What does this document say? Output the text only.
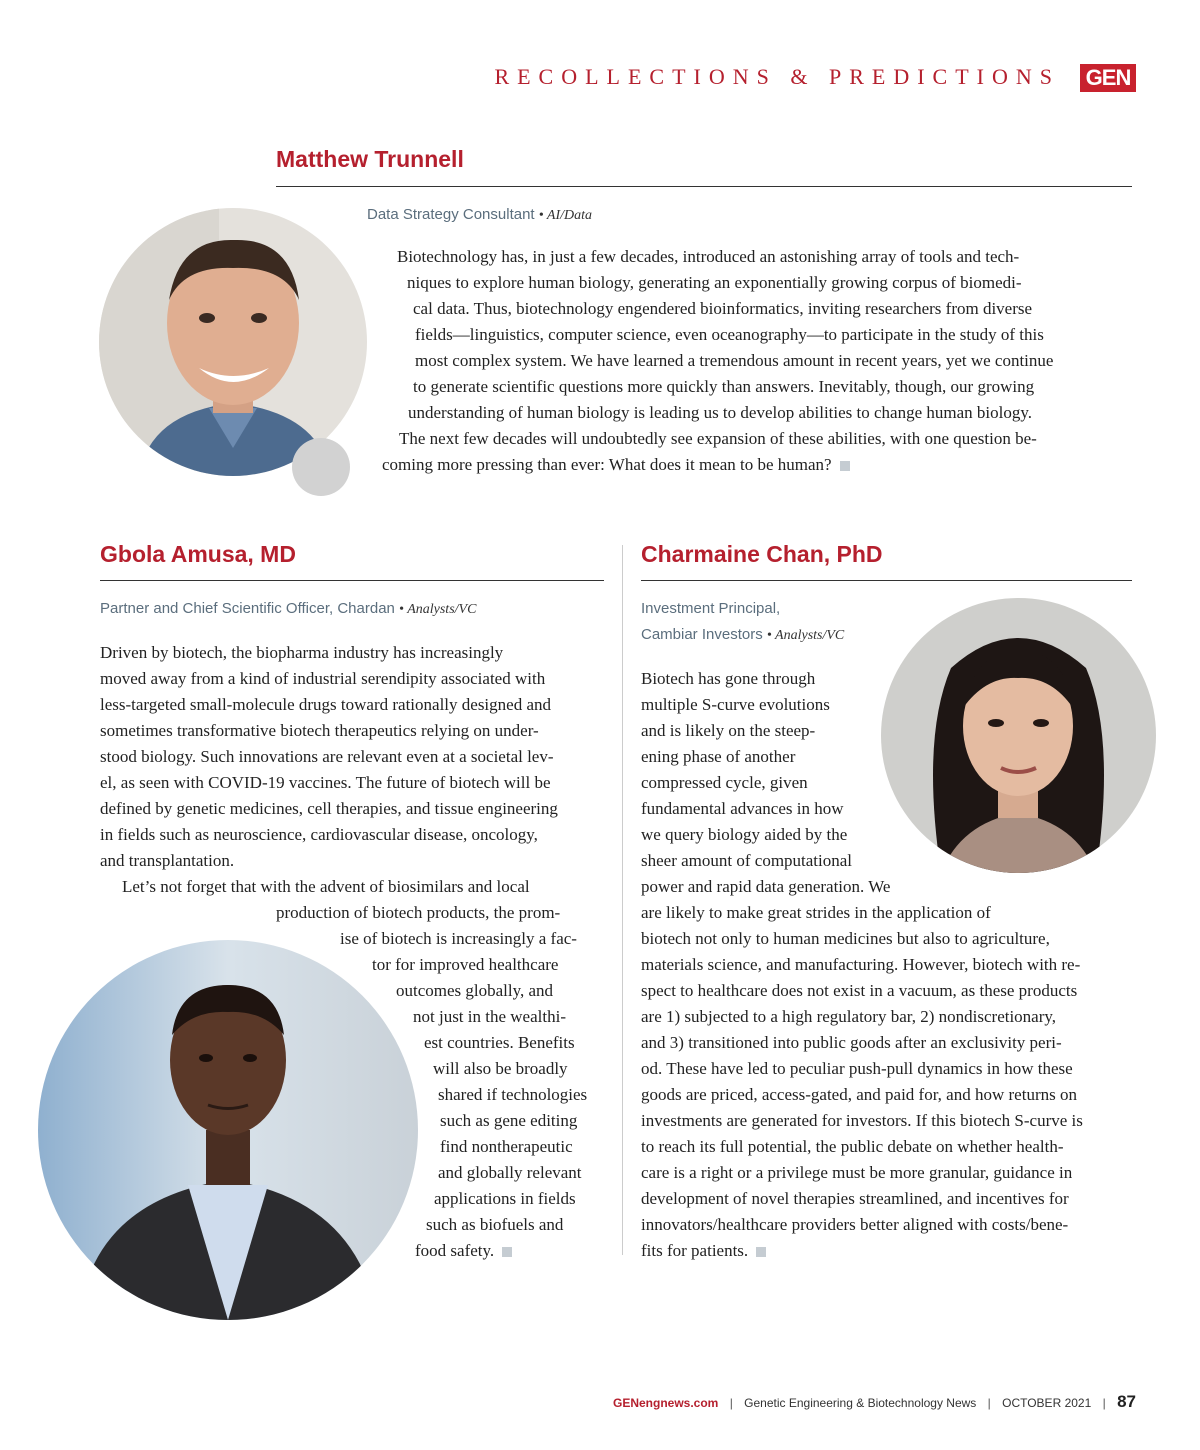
RECOLLECTIONS & PREDICTIONS GEN
Matthew Trunnell
Data Strategy Consultant • AI/Data
Biotechnology has, in just a few decades, introduced an astonishing array of tools and tech-
niques to explore human biology, generating an exponentially growing corpus of biomedi-
cal data. Thus, biotechnology engendered bioinformatics, inviting researchers from diverse
fields—linguistics, computer science, even oceanography—to participate in the study of this
most complex system. We have learned a tremendous amount in recent years, yet we continue
to generate scientific questions more quickly than answers. Inevitably, though, our growing
understanding of human biology is leading us to develop abilities to change human biology.
The next few decades will undoubtedly see expansion of these abilities, with one question be-
coming more pressing than ever: What does it mean to be human?
Gbola Amusa, MD
Partner and Chief Scientific Officer, Chardan • Analysts/VC
Driven by biotech, the biopharma industry has increasingly
moved away from a kind of industrial serendipity associated with
less-targeted small-molecule drugs toward rationally designed and
sometimes transformative biotech therapeutics relying on under-
stood biology. Such innovations are relevant even at a societal lev-
el, as seen with COVID-19 vaccines. The future of biotech will be
defined by genetic medicines, cell therapies, and tissue engineering
in fields such as neuroscience, cardiovascular disease, oncology,
and transplantation.
Let’s not forget that with the advent of biosimilars and local
production of biotech products, the prom-
ise of biotech is increasingly a fac-
tor for improved healthcare
outcomes globally, and
not just in the wealthi-
est countries. Benefits
will also be broadly
shared if technologies
such as gene editing
find nontherapeutic
and globally relevant
applications in fields
such as biofuels and
food safety.
Charmaine Chan, PhD
Investment Principal,
Cambiar Investors • Analysts/VC
Biotech has gone through
multiple S-curve evolutions
and is likely on the steep-
ening phase of another
compressed cycle, given
fundamental advances in how
we query biology aided by the
sheer amount of computational
power and rapid data generation. We
are likely to make great strides in the application of
biotech not only to human medicines but also to agriculture,
materials science, and manufacturing. However, biotech with re-
spect to healthcare does not exist in a vacuum, as these products
are 1) subjected to a high regulatory bar, 2) nondiscretionary,
and 3) transitioned into public goods after an exclusivity peri-
od. These have led to peculiar push-pull dynamics in how these
goods are priced, access-gated, and paid for, and how returns on
investments are generated for investors. If this biotech S-curve is
to reach its full potential, the public debate on whether health-
care is a right or a privilege must be more granular, guidance in
development of novel therapies streamlined, and incentives for
innovators/healthcare providers better aligned with costs/bene-
fits for patients.
GENengnews.com | Genetic Engineering & Biotechnology News | OCTOBER 2021 | 87
